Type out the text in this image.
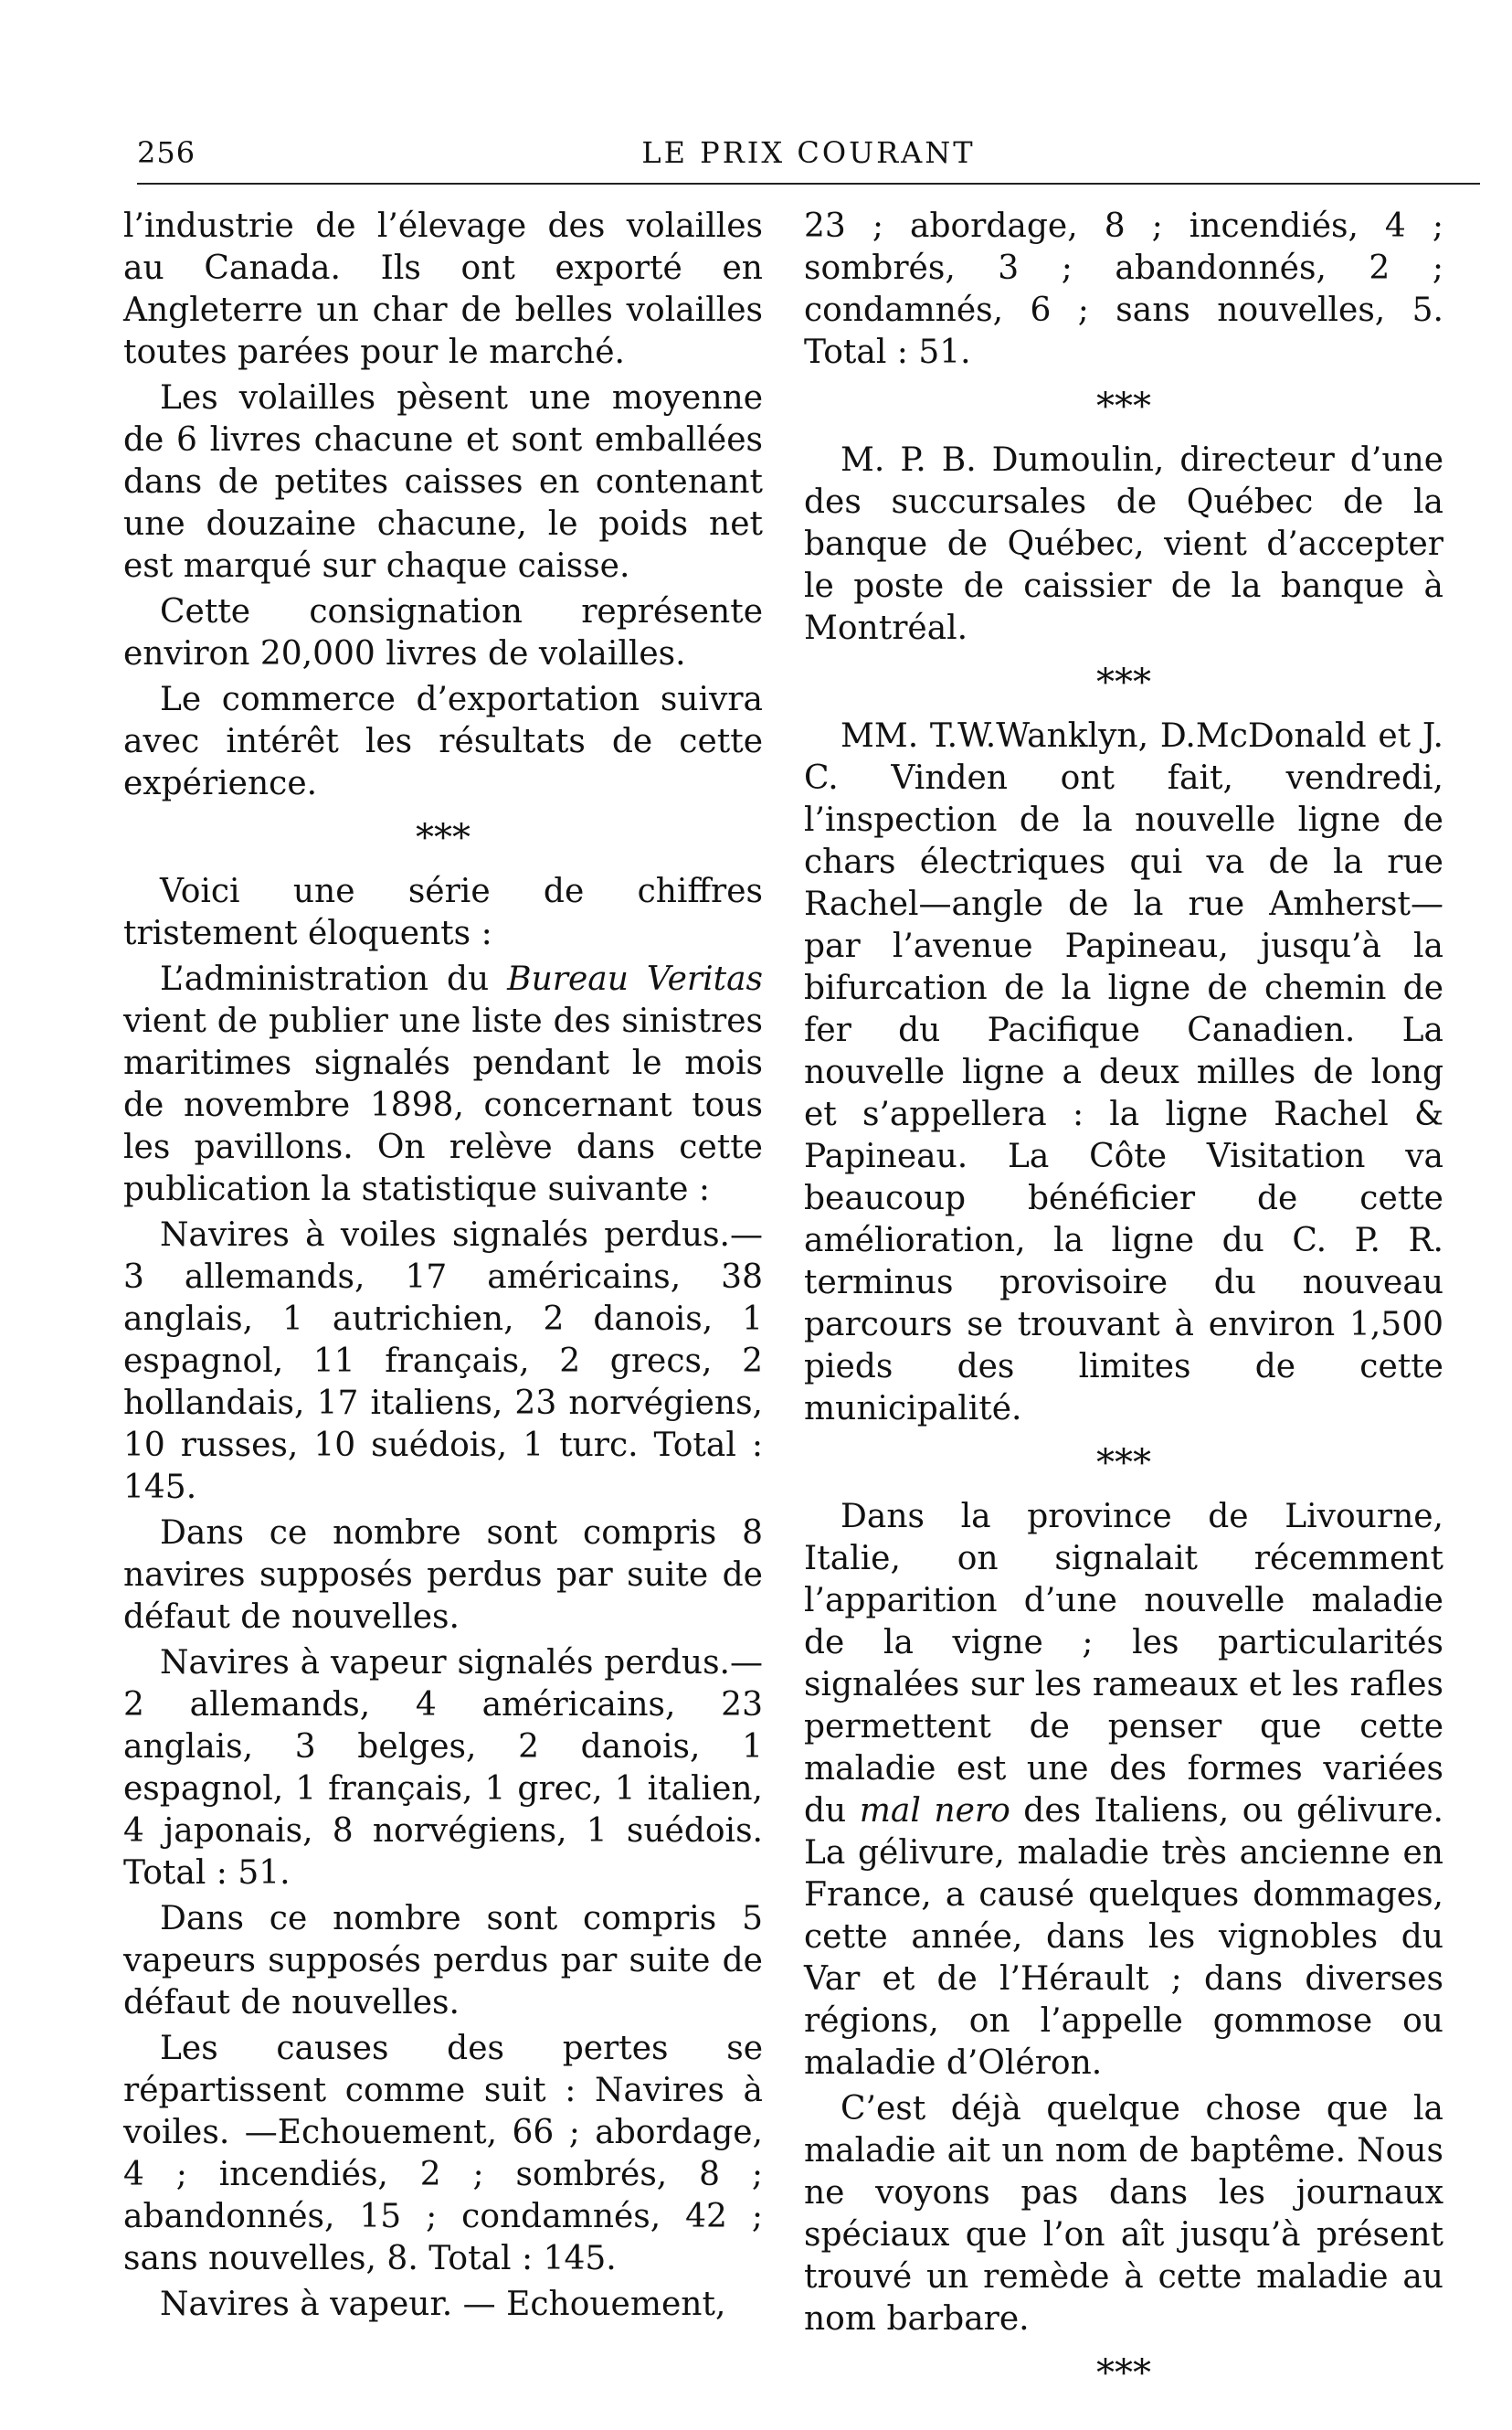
256	LE PRIX COURANT

l’industrie de l’élevage des volailles au Canada. Ils ont exporté en Angleterre un char de belles volailles toutes parées pour le marché.

Les volailles pèsent une moyenne de 6 livres chacune et sont emballées dans de petites caisses en contenant une douzaine chacune, le poids net est marqué sur chaque caisse.

Cette consignation représente environ 20,000 livres de volailles.

Le commerce d’exportation suivra avec intérêt les résultats de cette expérience.

***

Voici une série de chiffres tristement éloquents :

L’administration du Bureau Veritas vient de publier une liste des sinistres maritimes signalés pendant le mois de novembre 1898, concernant tous les pavillons. On relève dans cette publication la statistique suivante :

Navires à voiles signalés perdus.— 3 allemands, 17 américains, 38 anglais, 1 autrichien, 2 danois, 1 espagnol, 11 français, 2 grecs, 2 hollandais, 17 italiens, 23 norvégiens, 10 russes, 10 suédois, 1 turc. Total : 145.

Dans ce nombre sont compris 8 navires supposés perdus par suite de défaut de nouvelles.

Navires à vapeur signalés perdus.—2 allemands, 4 américains, 23 anglais, 3 belges, 2 danois, 1 espagnol, 1 français, 1 grec, 1 italien, 4 japonais, 8 norvégiens, 1 suédois. Total : 51.

Dans ce nombre sont compris 5 vapeurs supposés perdus par suite de défaut de nouvelles.

Les causes des pertes se répartissent comme suit : Navires à voiles. —Echouement, 66 ; abordage, 4 ; incendiés, 2 ; sombrés, 8 ; abandonnés, 15 ; condamnés, 42 ; sans nouvelles, 8. Total : 145.

Navires à vapeur. — Echouement,

23 ; abordage, 8 ; incendiés, 4 ; sombrés, 3 ; abandonnés, 2 ; condamnés, 6 ; sans nouvelles, 5. Total : 51.

***

M. P. B. Dumoulin, directeur d’une des succursales de Québec de la banque de Québec, vient d’accepter le poste de caissier de la banque à Montréal.

***

MM. T.W.Wanklyn, D.McDonald et J. C. Vinden ont fait, vendredi, l’inspection de la nouvelle ligne de chars électriques qui va de la rue Rachel—angle de la rue Amherst— par l’avenue Papineau, jusqu’à la bifurcation de la ligne de chemin de fer du Pacifique Canadien. La nouvelle ligne a deux milles de long et s’appellera : la ligne Rachel & Papineau. La Côte Visitation va beaucoup bénéficier de cette amélioration, la ligne du C. P. R. terminus provisoire du nouveau parcours se trouvant à environ 1,500 pieds des limites de cette municipalité.

***

Dans la province de Livourne, Italie, on signalait récemment l’apparition d’une nouvelle maladie de la vigne ; les particularités signalées sur les rameaux et les rafles permettent de penser que cette maladie est une des formes variées du mal nero des Italiens, ou gélivure. La gélivure, maladie très ancienne en France, a causé quelques dommages, cette année, dans les vignobles du Var et de l’Hérault ; dans diverses régions, on l’appelle gommose ou maladie d’Oléron.

C’est déjà quelque chose que la maladie ait un nom de baptême. Nous ne voyons pas dans les journaux spéciaux que l’on aît jusqu’à présent trouvé un remède à cette maladie au nom barbare.

***
